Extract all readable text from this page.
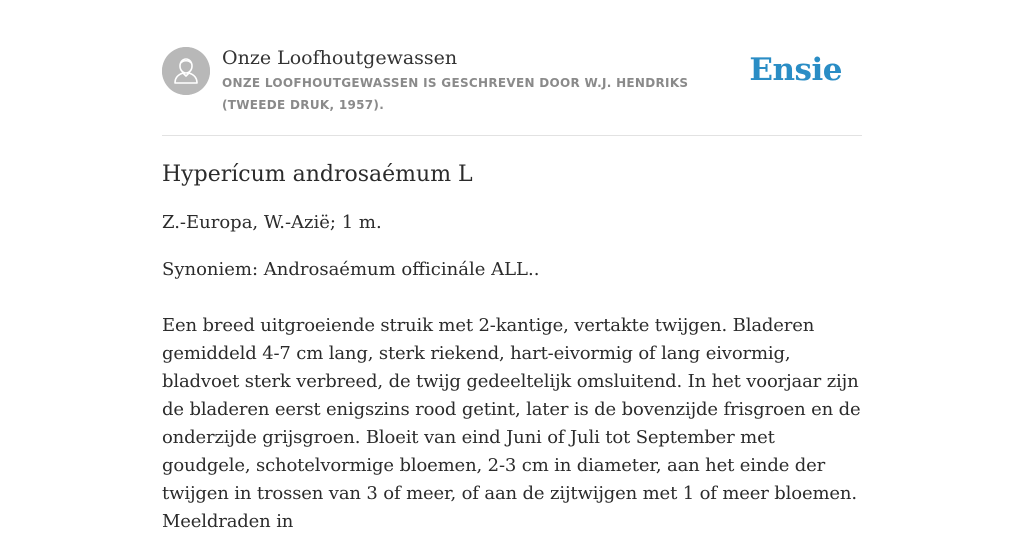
Onze Loofhoutgewassen
ONZE LOOFHOUTGEWASSEN IS GESCHREVEN DOOR W.J. HENDRIKS (TWEEDE DRUK, 1957).
Ensie
Hyperícum androsaémum L

Z.-Europa, W.-Azië; 1 m.

Synoniem: Androsaémum officinále ALL..

Een breed uitgroeiende struik met 2-kantige, vertakte twijgen. Bladeren gemiddeld 4-7 cm lang, sterk riekend, hart-eivormig of lang eivormig, bladvoet sterk verbreed, de twijg gedeeltelijk omsluitend. In het voorjaar zijn de bladeren eerst enigszins rood getint, later is de bovenzijde frisgroen en de onderzijde grijsgroen. Bloeit van eind Juni of Juli tot September met goudgele, schotelvormige bloemen, 2-3 cm in diameter, aan het einde der twijgen in trossen van 3 of meer, of aan de zijtwijgen met 1 of meer bloemen. Meeldraden in
